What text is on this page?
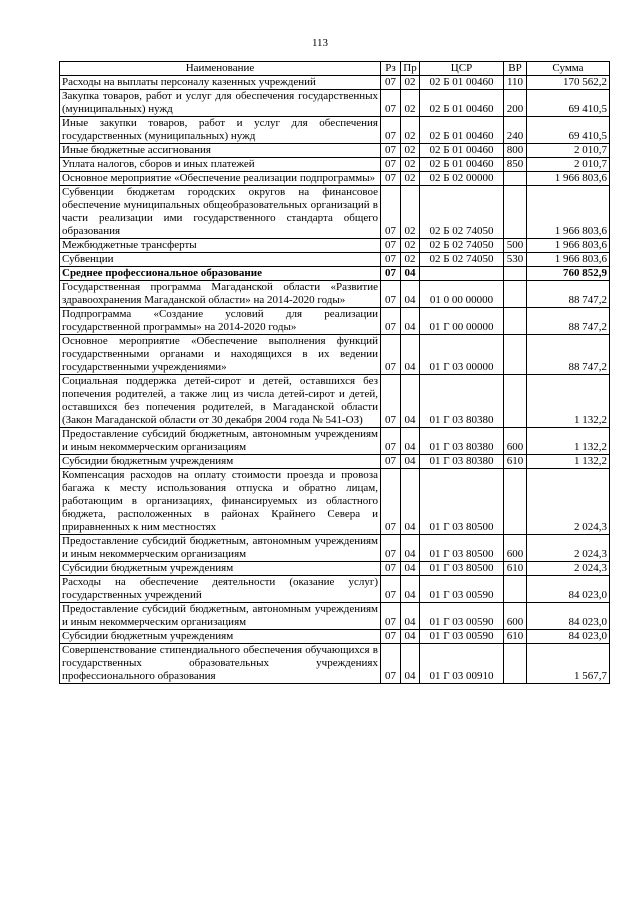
113
Наименование	Рз	Пр	ЦСР	ВР	Сумма
Расходы на выплаты персоналу казенных учреждений	07	02	02 Б 01 00460	110	170 562,2
Закупка товаров, работ и услуг для обеспечения государственных (муниципальных) нужд	07	02	02 Б 01 00460	200	69 410,5
Иные закупки товаров, работ и услуг для обеспечения государственных (муниципальных) нужд	07	02	02 Б 01 00460	240	69 410,5
Иные бюджетные ассигнования	07	02	02 Б 01 00460	800	2 010,7
Уплата налогов, сборов и иных платежей	07	02	02 Б 01 00460	850	2 010,7
Основное мероприятие «Обеспечение реализации подпрограммы»	07	02	02 Б 02 00000		1 966 803,6
Субвенции бюджетам городских округов на финансовое обеспечение муниципальных общеобразовательных организаций в части реализации ими государственного стандарта общего образования	07	02	02 Б 02 74050		1 966 803,6
Межбюджетные трансферты	07	02	02 Б 02 74050	500	1 966 803,6
Субвенции	07	02	02 Б 02 74050	530	1 966 803,6
Среднее профессиональное образование	07	04			760 852,9
Государственная программа Магаданской области «Развитие здравоохранения Магаданской области» на 2014-2020 годы»	07	04	01 0 00 00000		88 747,2
Подпрограмма «Создание условий для реализации государственной программы» на 2014-2020 годы»	07	04	01 Г 00 00000		88 747,2
Основное мероприятие «Обеспечение выполнения функций государственными органами и находящихся в их ведении государственными учреждениями»	07	04	01 Г 03 00000		88 747,2
Социальная поддержка детей-сирот и детей, оставшихся без попечения родителей, а также лиц из числа детей-сирот и детей, оставшихся без попечения родителей, в Магаданской области (Закон Магаданской области от 30 декабря 2004 года № 541-ОЗ)	07	04	01 Г 03 80380		1 132,2
Предоставление субсидий бюджетным, автономным учреждениям и иным некоммерческим организациям	07	04	01 Г 03 80380	600	1 132,2
Субсидии бюджетным учреждениям	07	04	01 Г 03 80380	610	1 132,2
Компенсация расходов на оплату стоимости проезда и провоза багажа к месту использования отпуска и обратно лицам, работающим в организациях, финансируемых из областного бюджета, расположенных в районах Крайнего Севера и приравненных к ним местностях	07	04	01 Г 03 80500		2 024,3
Предоставление субсидий бюджетным, автономным учреждениям и иным некоммерческим организациям	07	04	01 Г 03 80500	600	2 024,3
Субсидии бюджетным учреждениям	07	04	01 Г 03 80500	610	2 024,3
Расходы на обеспечение деятельности (оказание услуг) государственных учреждений	07	04	01 Г 03 00590		84 023,0
Предоставление субсидий бюджетным, автономным учреждениям и иным некоммерческим организациям	07	04	01 Г 03 00590	600	84 023,0
Субсидии бюджетным учреждениям	07	04	01 Г 03 00590	610	84 023,0
Совершенствование стипендиального обеспечения обучающихся в государственных образовательных учреждениях профессионального образования	07	04	01 Г 03 00910		1 567,7
